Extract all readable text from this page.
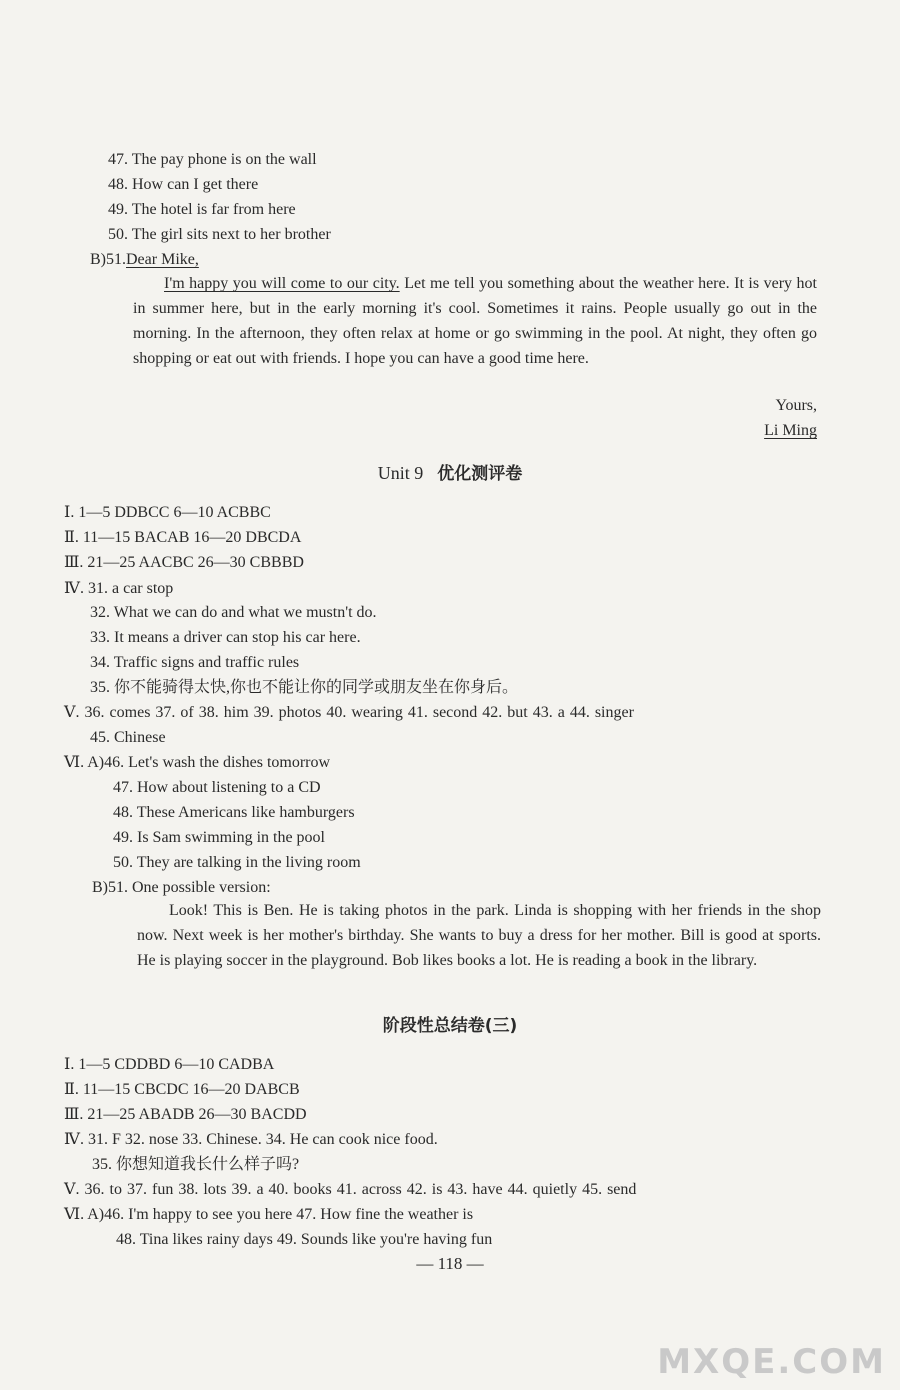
47. The pay phone is on the wall
48. How can I get there
49. The hotel is far from here
50. The girl sits next to her brother
B)51.Dear Mike,
I'm happy you will come to our city. Let me tell you something about the weather here. It is very hot in summer here, but in the early morning it's cool. Sometimes it rains. People usually go out in the morning. In the afternoon, they often relax at home or go swimming in the pool. At night, they often go shopping or eat out with friends. I hope you can have a good time here.
Yours,
Li Ming
Unit 9 优化测评卷
Ⅰ. 1—5 DDBCC 6—10 ACBBC
Ⅱ. 11—15 BACAB 16—20 DBCDA
Ⅲ. 21—25 AACBC 26—30 CBBBD
Ⅳ. 31. a car stop
32. What we can do and what we mustn't do.
33. It means a driver can stop his car here.
34. Traffic signs and traffic rules
35. 你不能骑得太快,你也不能让你的同学或朋友坐在你身后。
Ⅴ. 36. comes 37. of 38. him 39. photos 40. wearing 41. second 42. but 43. a 44. singer
45. Chinese
Ⅵ. A)46. Let's wash the dishes tomorrow
47. How about listening to a CD
48. These Americans like hamburgers
49. Is Sam swimming in the pool
50. They are talking in the living room
B)51. One possible version:
Look! This is Ben. He is taking photos in the park. Linda is shopping with her friends in the shop now. Next week is her mother's birthday. She wants to buy a dress for her mother. Bill is good at sports. He is playing soccer in the playground. Bob likes books a lot. He is reading a book in the library.
阶段性总结卷(三)
Ⅰ. 1—5 CDDBD 6—10 CADBA
Ⅱ. 11—15 CBCDC 16—20 DABCB
Ⅲ. 21—25 ABADB 26—30 BACDD
Ⅳ. 31. F 32. nose 33. Chinese. 34. He can cook nice food.
35. 你想知道我长什么样子吗?
Ⅴ. 36. to 37. fun 38. lots 39. a 40. books 41. across 42. is 43. have 44. quietly 45. send
Ⅵ. A)46. I'm happy to see you here 47. How fine the weather is
48. Tina likes rainy days 49. Sounds like you're having fun
— 118 —
MXQE.COM
